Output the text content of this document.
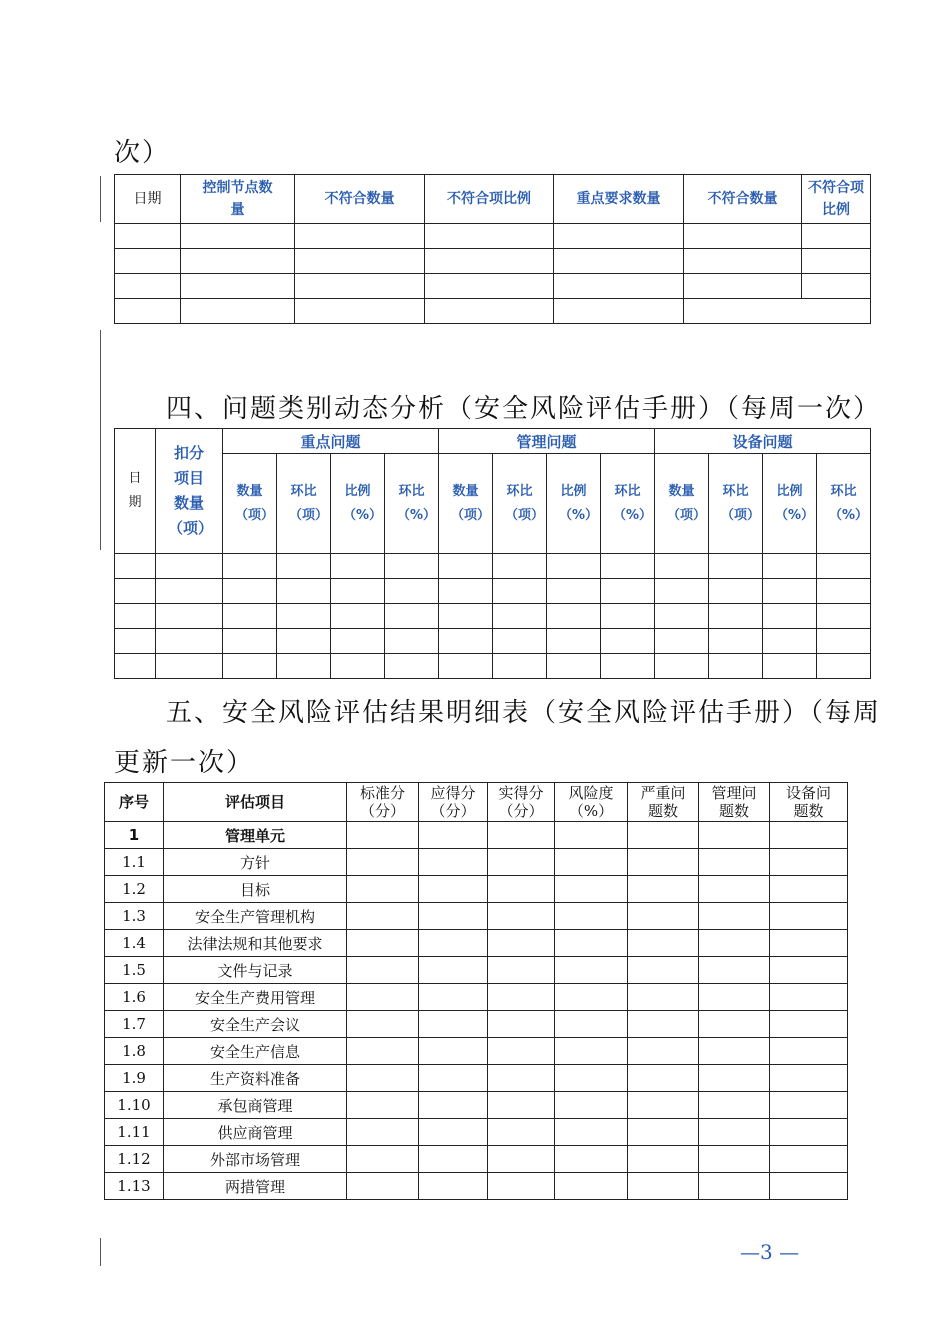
次）
日期	控制节点数量	不符合数量	不符合项比例	重点要求数量	不符合数量	不符合项比例

四、问题类别动态分析（安全风险评估手册）（每周一次）
日期	扣分项目数量（项）	重点问题				管理问题				设备问题			
		数量（项）	环比（项）	比例（%）	环比（%）	数量（项）	环比（项）	比例（%）	环比（%）	数量（项）	环比（项）	比例（%）	环比（%）

五、安全风险评估结果明细表（安全风险评估手册）（每周
更新一次）
序号	评估项目	标准分（分）	应得分（分）	实得分（分）	风险度（%）	严重问题数	管理问题数	设备问题数
1	管理单元							
1.1	方针							
1.2	目标							
1.3	安全生产管理机构							
1.4	法律法规和其他要求							
1.5	文件与记录							
1.6	安全生产费用管理							
1.7	安全生产会议							
1.8	安全生产信息							
1.9	生产资料准备							
1.10	承包商管理							
1.11	供应商管理							
1.12	外部市场管理							
1.13	两措管理							
—3 —
